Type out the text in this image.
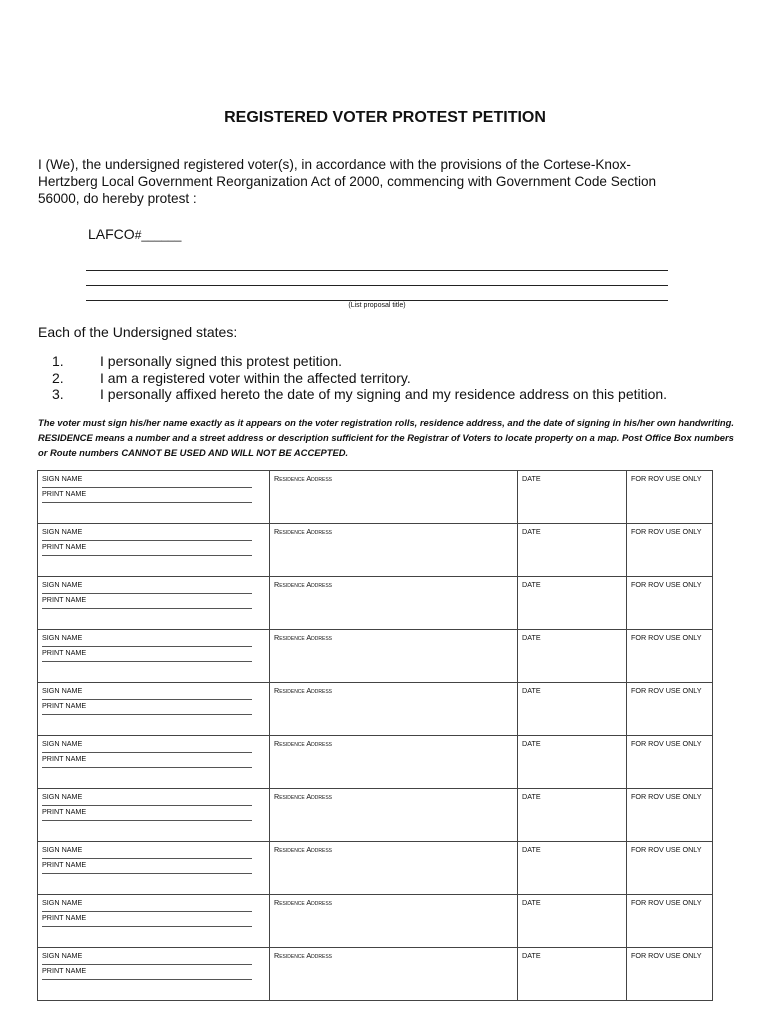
REGISTERED VOTER PROTEST PETITION
I (We), the undersigned registered voter(s), in accordance with the provisions of the Cortese-Knox-Hertzberg Local Government Reorganization Act of 2000, commencing with Government Code Section 56000, do hereby protest :
LAFCO#______
(List proposal title)
Each of the Undersigned states:
1.	I personally signed this protest petition.
2.	I am a registered voter within the affected territory.
3.	I personally affixed hereto the date of my signing and my residence address on this petition.
The voter must sign his/her name exactly as it appears on the voter registration rolls, residence address, and the date of signing in his/her own handwriting. RESIDENCE means a number and a street address or description sufficient for the Registrar of Voters to locate property on a map. Post Office Box numbers or Route numbers CANNOT BE USED AND WILL NOT BE ACCEPTED.
SIGN NAME
PRINT NAME	Residence Address	DATE	FOR ROV USE ONLY
SIGN NAME
PRINT NAME	Residence Address	DATE	FOR ROV USE ONLY
SIGN NAME
PRINT NAME	Residence Address	DATE	FOR ROV USE ONLY
SIGN NAME
PRINT NAME	Residence Address	DATE	FOR ROV USE ONLY
SIGN NAME
PRINT NAME	Residence Address	DATE	FOR ROV USE ONLY
SIGN NAME
PRINT NAME	Residence Address	DATE	FOR ROV USE ONLY
SIGN NAME
PRINT NAME	Residence Address	DATE	FOR ROV USE ONLY
SIGN NAME
PRINT NAME	Residence Address	DATE	FOR ROV USE ONLY
SIGN NAME
PRINT NAME	Residence Address	DATE	FOR ROV USE ONLY
SIGN NAME
PRINT NAME	Residence Address	DATE	FOR ROV USE ONLY
